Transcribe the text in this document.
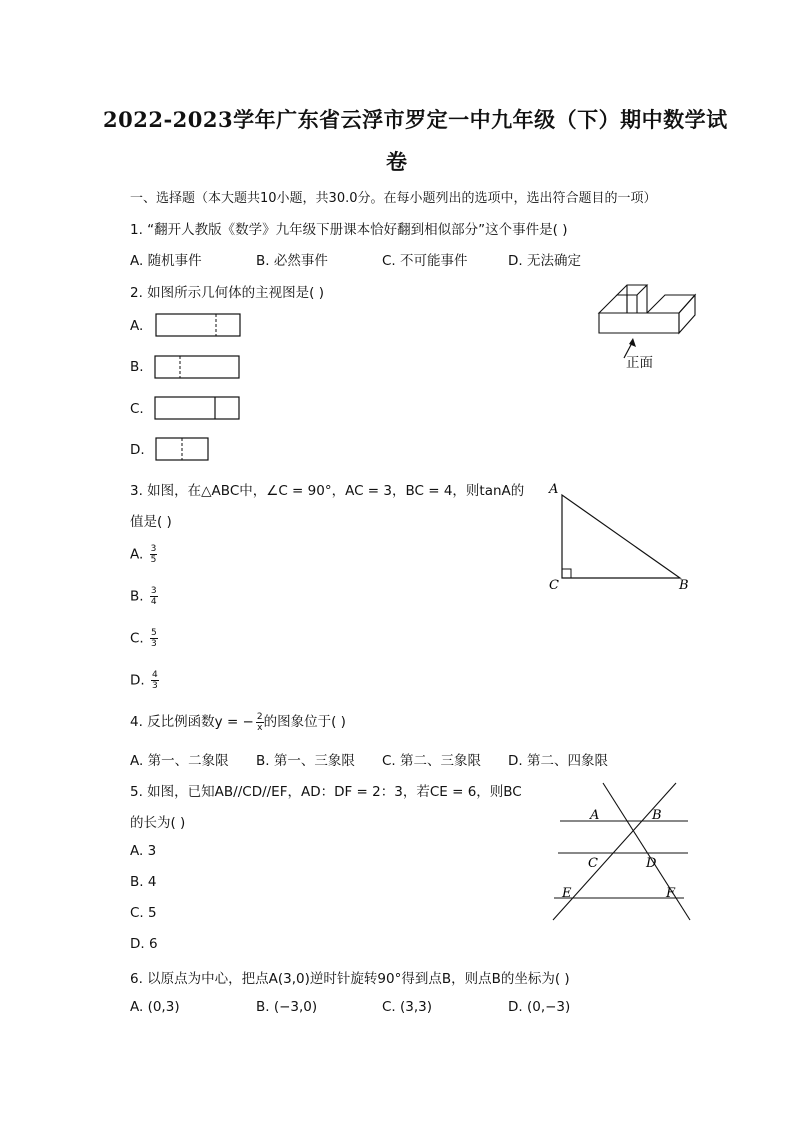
2022-2023学年广东省云浮市罗定一中九年级（下）期中数学试
卷
一、选择题（本大题共10小题，共30.0分。在每小题列出的选项中，选出符合题目的一项）
1. “翻开人教版《数学》九年级下册课本恰好翻到相似部分”这个事件是( )
A. 随机事件	B. 必然事件	C. 不可能事件	D. 无法确定
2. 如图所示几何体的主视图是( )
A.
B.
C.
D.
正面
3. 如图，在△ABC中，∠C = 90°，AC = 3，BC = 4，则tanA的
值是( )
A. $\frac{3}{5}$
B. $\frac{3}{4}$
C. $\frac{5}{3}$
D. $\frac{4}{3}$
A
C	B
4. 反比例函数y = − $\frac{2}{x}$ 的图象位于( )
A. 第一、二象限 B. 第一、三象限 C. 第二、三象限 D. 第二、四象限
5. 如图，已知AB//CD//EF，AD：DF = 2：3，若CE = 6，则BC
的长为( )
A. 3
B. 4
C. 5
D. 6
A	B
C	D
E	F
6. 以原点为中心，把点A(3,0)逆时针旋转90°得到点B，则点B的坐标为( )
A. (0,3)	B. (−3,0)	C. (3,3)	D. (0,−3)
